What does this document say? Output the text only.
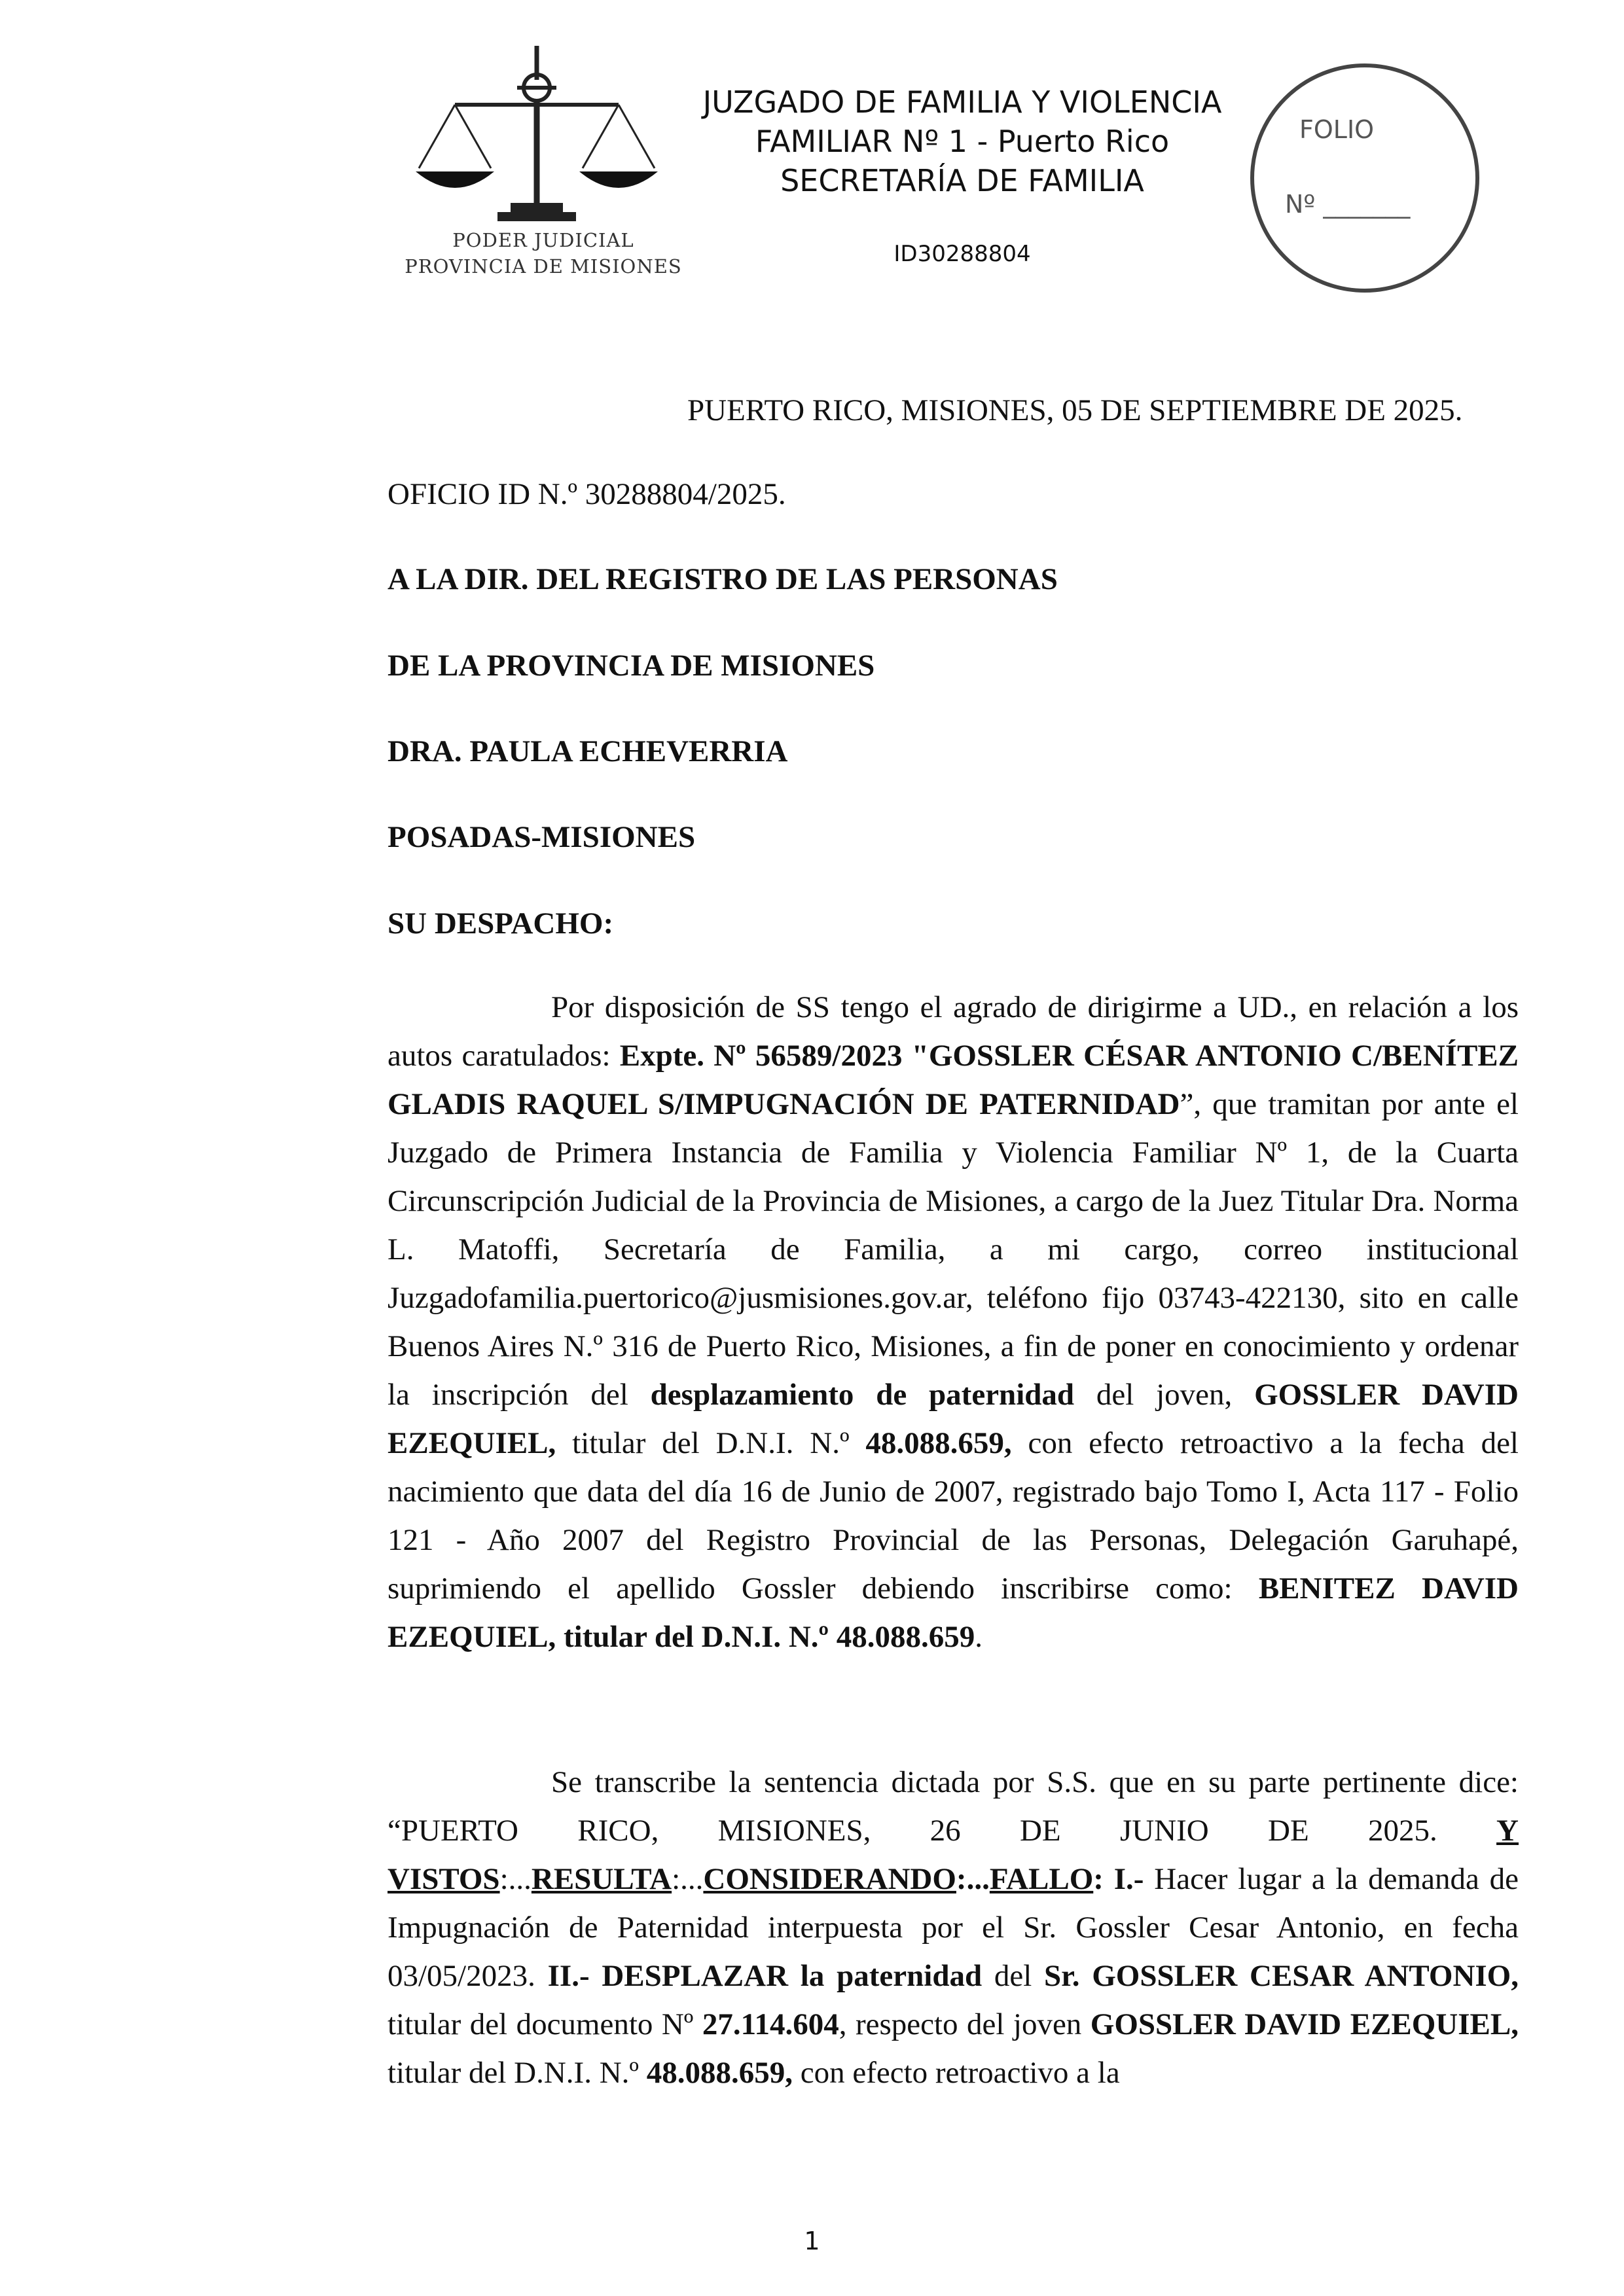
PODER JUDICIAL
PROVINCIA DE MISIONES
JUZGADO DE FAMILIA Y VIOLENCIA
FAMILIAR Nº 1 - Puerto Rico
SECRETARÍA DE FAMILIA
ID30288804
FOLIO
Nº _______
PUERTO RICO, MISIONES, 05 DE SEPTIEMBRE DE 2025.
OFICIO ID N.º 30288804/2025.
A LA DIR. DEL REGISTRO DE LAS PERSONAS
DE LA PROVINCIA DE MISIONES
DRA. PAULA ECHEVERRIA
POSADAS-MISIONES
SU DESPACHO:
Por disposición de SS tengo el agrado de dirigirme a UD., en relación a los autos caratulados: Expte. Nº 56589/2023 "GOSSLER CÉSAR ANTONIO C/BENÍTEZ GLADIS RAQUEL S/IMPUGNACIÓN DE PATERNIDAD”, que tramitan por ante el Juzgado de Primera Instancia de Familia y Violencia Familiar Nº 1, de la Cuarta Circunscripción Judicial de la Provincia de Misiones, a cargo de la Juez Titular Dra. Norma L. Matoffi, Secretaría de Familia, a mi cargo, correo institucional Juzgadofamilia.puertorico@jusmisiones.gov.ar, teléfono fijo 03743-422130, sito en calle Buenos Aires N.º 316 de Puerto Rico, Misiones, a fin de poner en conocimiento y ordenar la inscripción del desplazamiento de paternidad del joven, GOSSLER DAVID EZEQUIEL, titular del D.N.I. N.º 48.088.659, con efecto retroactivo a la fecha del nacimiento que data del día 16 de Junio de 2007, registrado bajo Tomo I, Acta 117 - Folio 121 - Año 2007 del Registro Provincial de las Personas, Delegación Garuhapé, suprimiendo el apellido Gossler debiendo inscribirse como: BENITEZ DAVID EZEQUIEL, titular del D.N.I. N.º 48.088.659.
Se transcribe la sentencia dictada por S.S. que en su parte pertinente dice: “PUERTO RICO, MISIONES, 26 DE JUNIO DE 2025. Y VISTOS:...RESULTA:...CONSIDERANDO:...FALLO: I.- Hacer lugar a la demanda de Impugnación de Paternidad interpuesta por el Sr. Gossler Cesar Antonio, en fecha 03/05/2023. II.- DESPLAZAR la paternidad del Sr. GOSSLER CESAR ANTONIO, titular del documento Nº 27.114.604, respecto del joven GOSSLER DAVID EZEQUIEL, titular del D.N.I. N.º 48.088.659, con efecto retroactivo a la
1
